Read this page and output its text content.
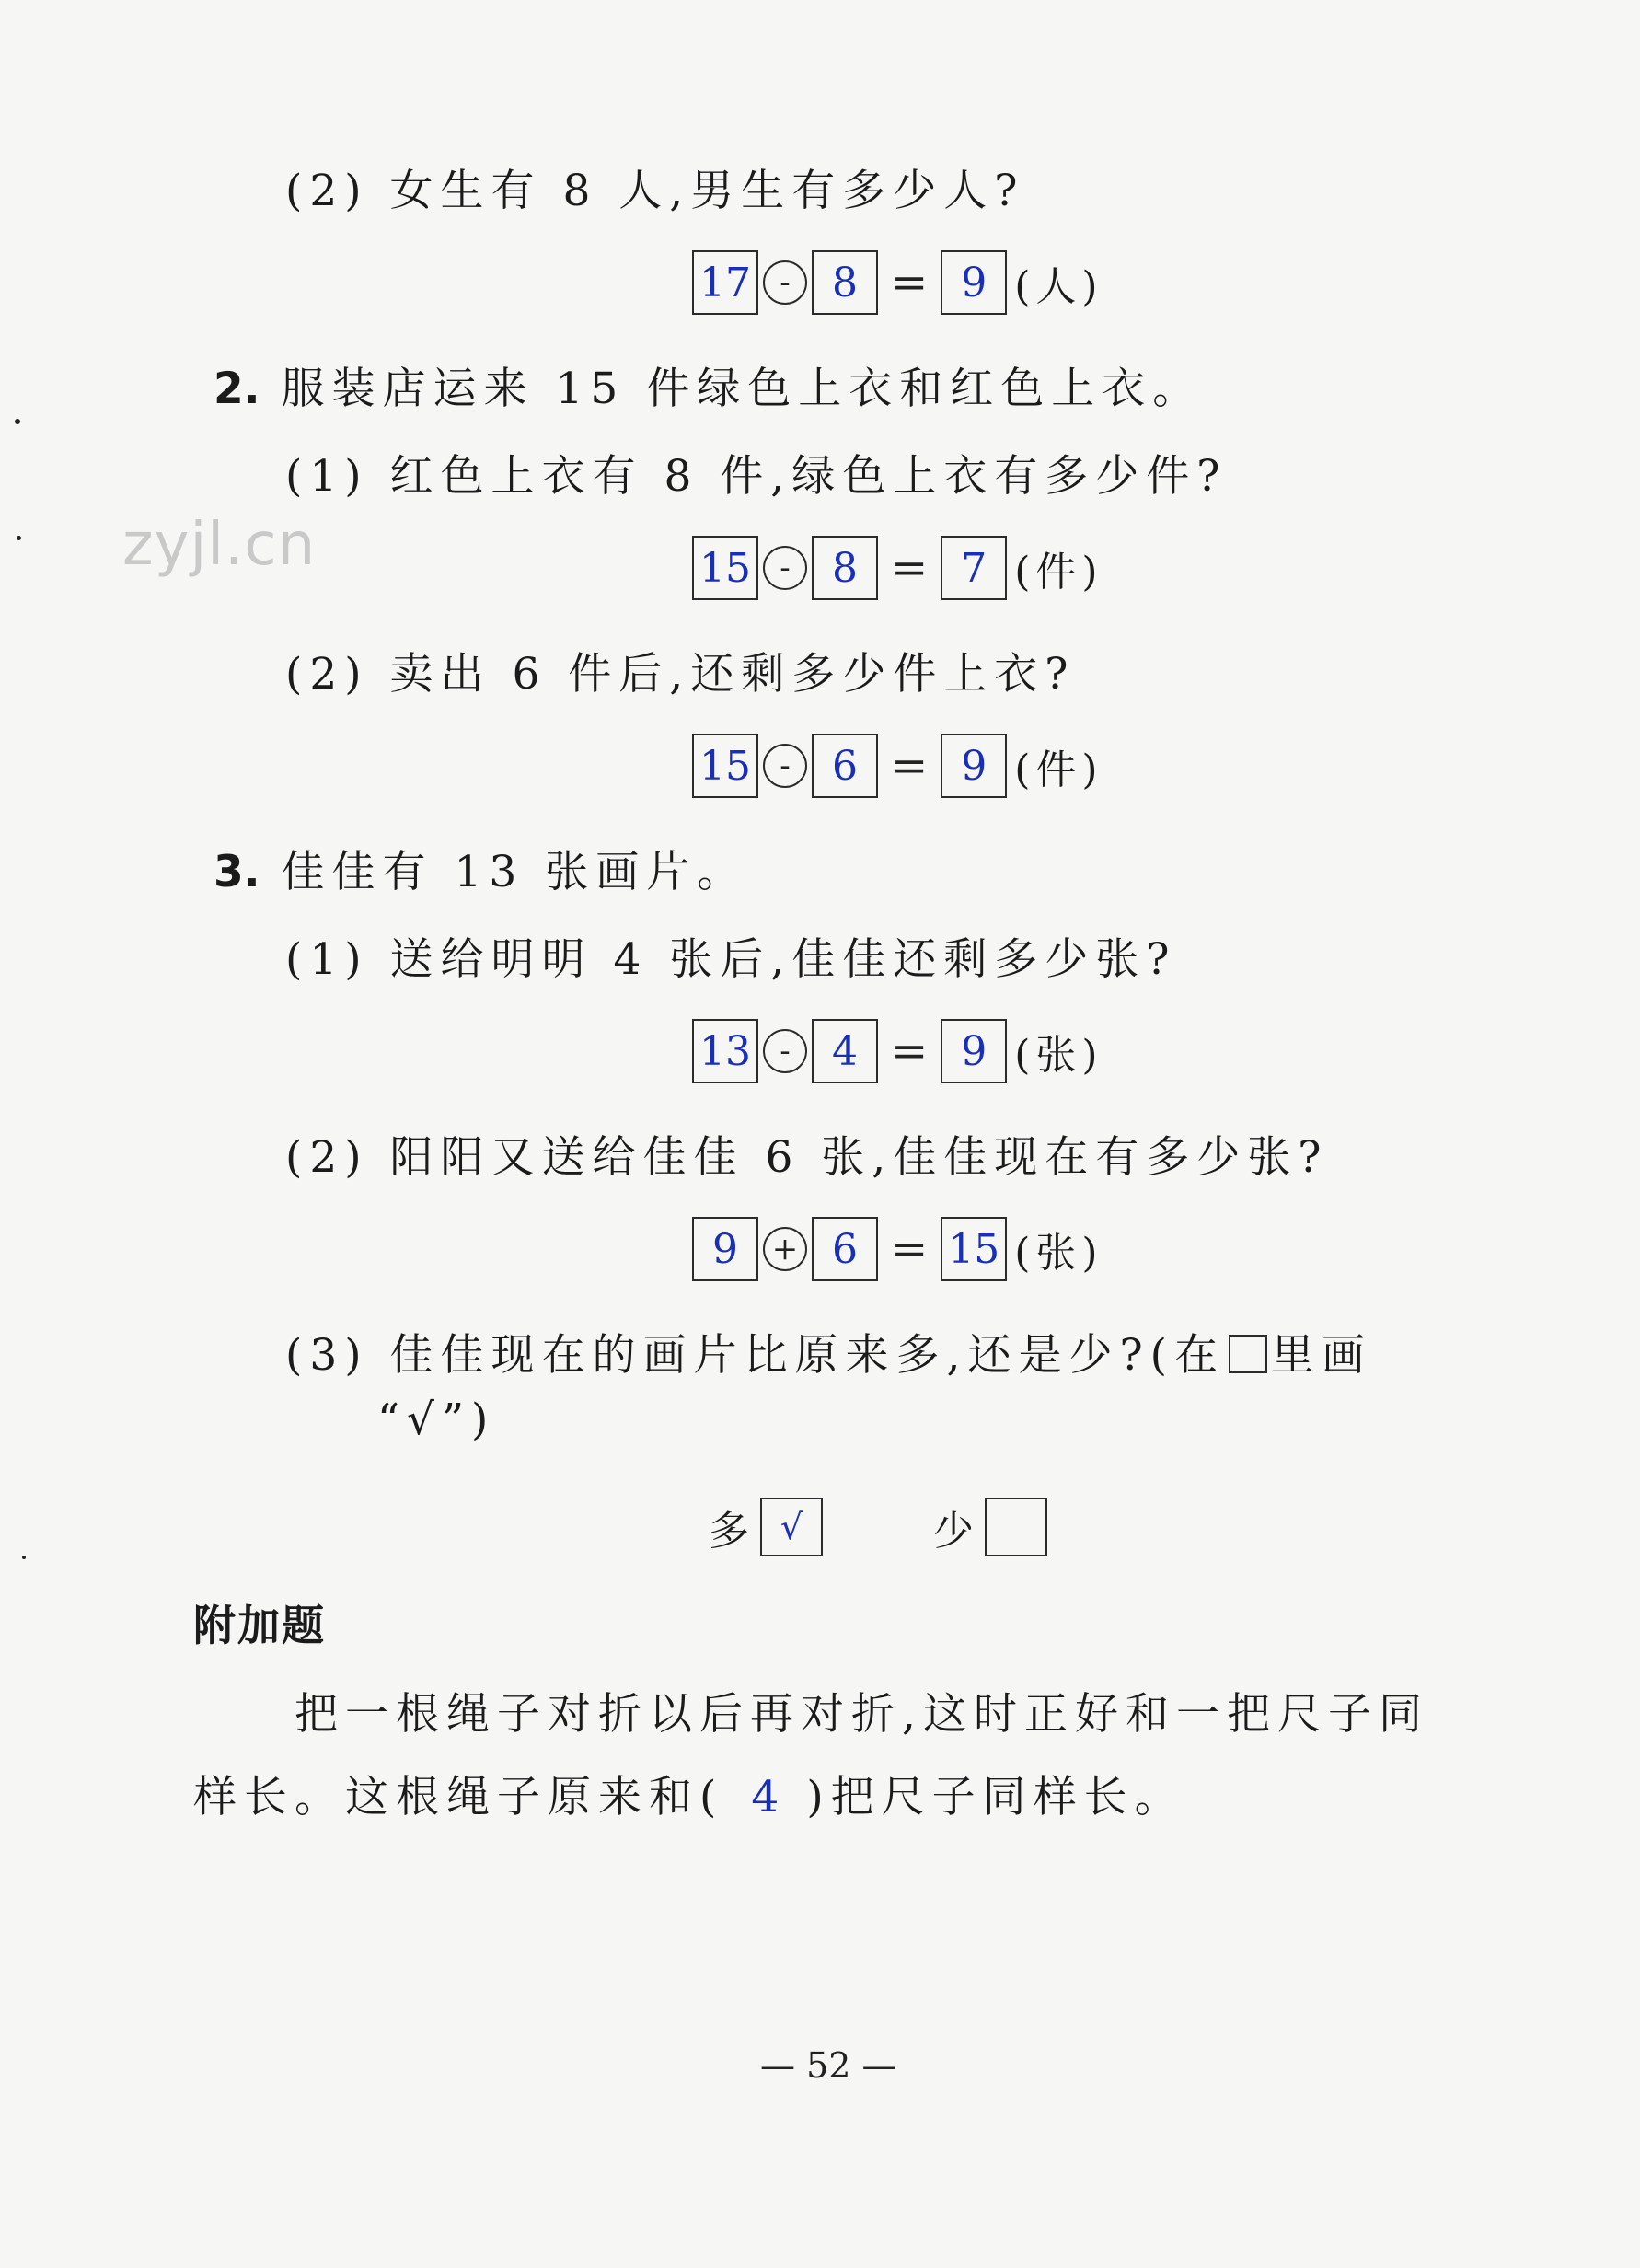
zyjl.cn
(2) 女生有 8 人,男生有多少人?
17 -	8 = 9 (人)
2. 服装店运来 15 件绿色上衣和红色上衣。
(1) 红色上衣有 8 件,绿色上衣有多少件?
15 -	8 = 7 (件)
(2) 卖出 6 件后,还剩多少件上衣?
15 -	6 = 9 (件)
3. 佳佳有 13 张画片。
(1) 送给明明 4 张后,佳佳还剩多少张?
13 -	4 = 9 (张)
(2) 阳阳又送给佳佳 6 张,佳佳现在有多少张?
9	+ 6 = 15 (张)
(3) 佳佳现在的画片比原来多,还是少?(在 里画
“√”)
多 √	少
附加题
把一根绳子对折以后再对折,这时正好和一把尺子同
样长。这根绳子原来和( 4 )把尺子同样长。
— 52 —
